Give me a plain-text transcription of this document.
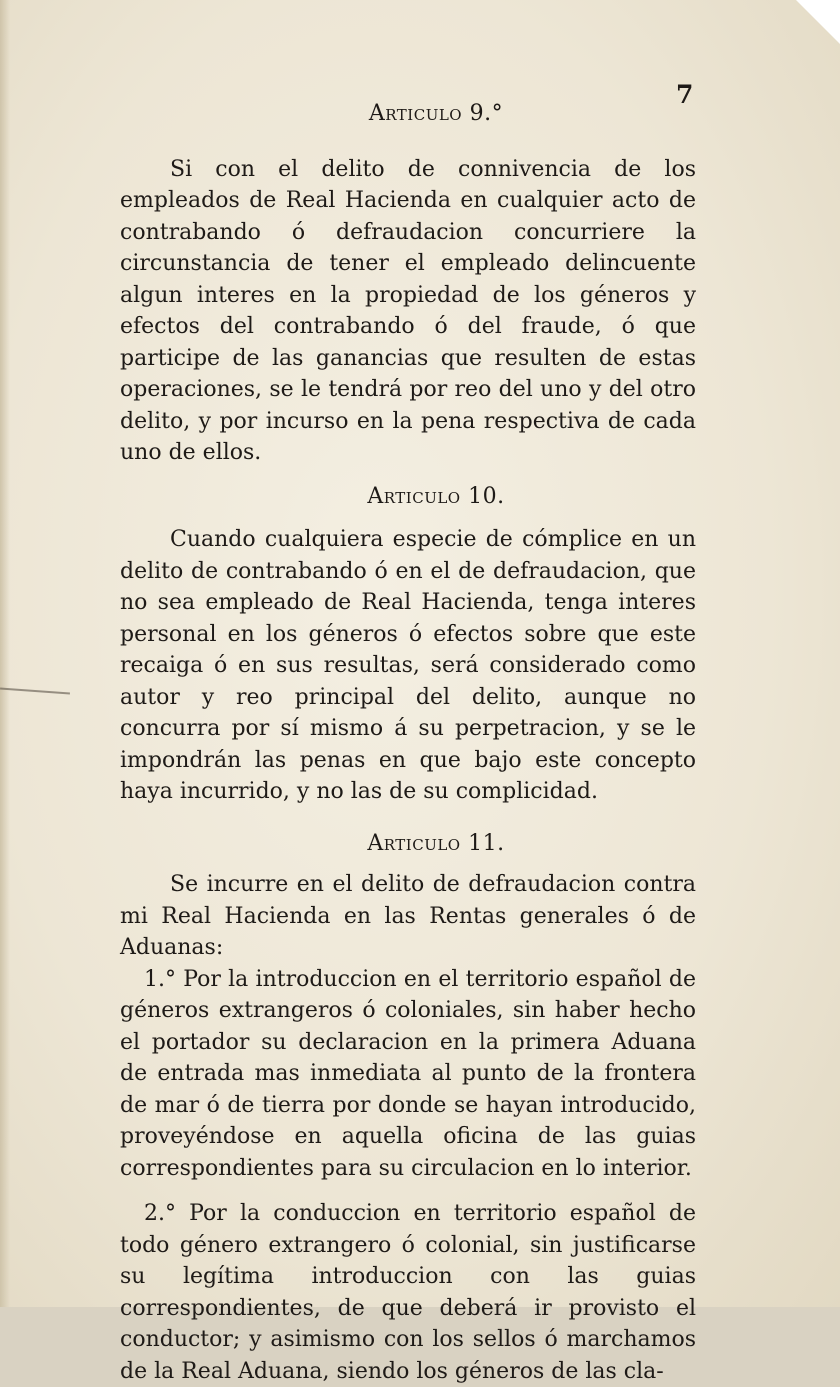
7

Articulo 9.°

Si con el delito de connivencia de los empleados de Real Hacienda en cualquier acto de contrabando ó defraudacion concurriere la circunstancia de tener el empleado delincuente algun interes en la propiedad de los géneros y efectos del contrabando ó del fraude, ó que participe de las ganancias que resulten de estas operaciones, se le tendrá por reo del uno y del otro delito, y por incurso en la pena respectiva de cada uno de ellos.

Articulo 10.

Cuando cualquiera especie de cómplice en un delito de contrabando ó en el de defraudacion, que no sea empleado de Real Hacienda, tenga interes personal en los géneros ó efectos sobre que este recaiga ó en sus resultas, será considerado como autor y reo principal del delito, aunque no concurra por sí mismo á su perpetracion, y se le impondrán las penas en que bajo este concepto haya incurrido, y no las de su complicidad.

Articulo 11.

Se incurre en el delito de defraudacion contra mi Real Hacienda en las Rentas generales ó de Aduanas:

1.° Por la introduccion en el territorio español de géneros extrangeros ó coloniales, sin haber hecho el portador su declaracion en la primera Aduana de entrada mas inmediata al punto de la frontera de mar ó de tierra por donde se hayan introducido, proveyéndose en aquella oficina de las guias correspondientes para su circulacion en lo interior.

2.° Por la conduccion en territorio español de todo género extrangero ó colonial, sin justificarse su legítima introduccion con las guias correspondientes, de que deberá ir provisto el conductor; y asimismo con los sellos ó marchamos de la Real Aduana, siendo los géneros de las cla-
